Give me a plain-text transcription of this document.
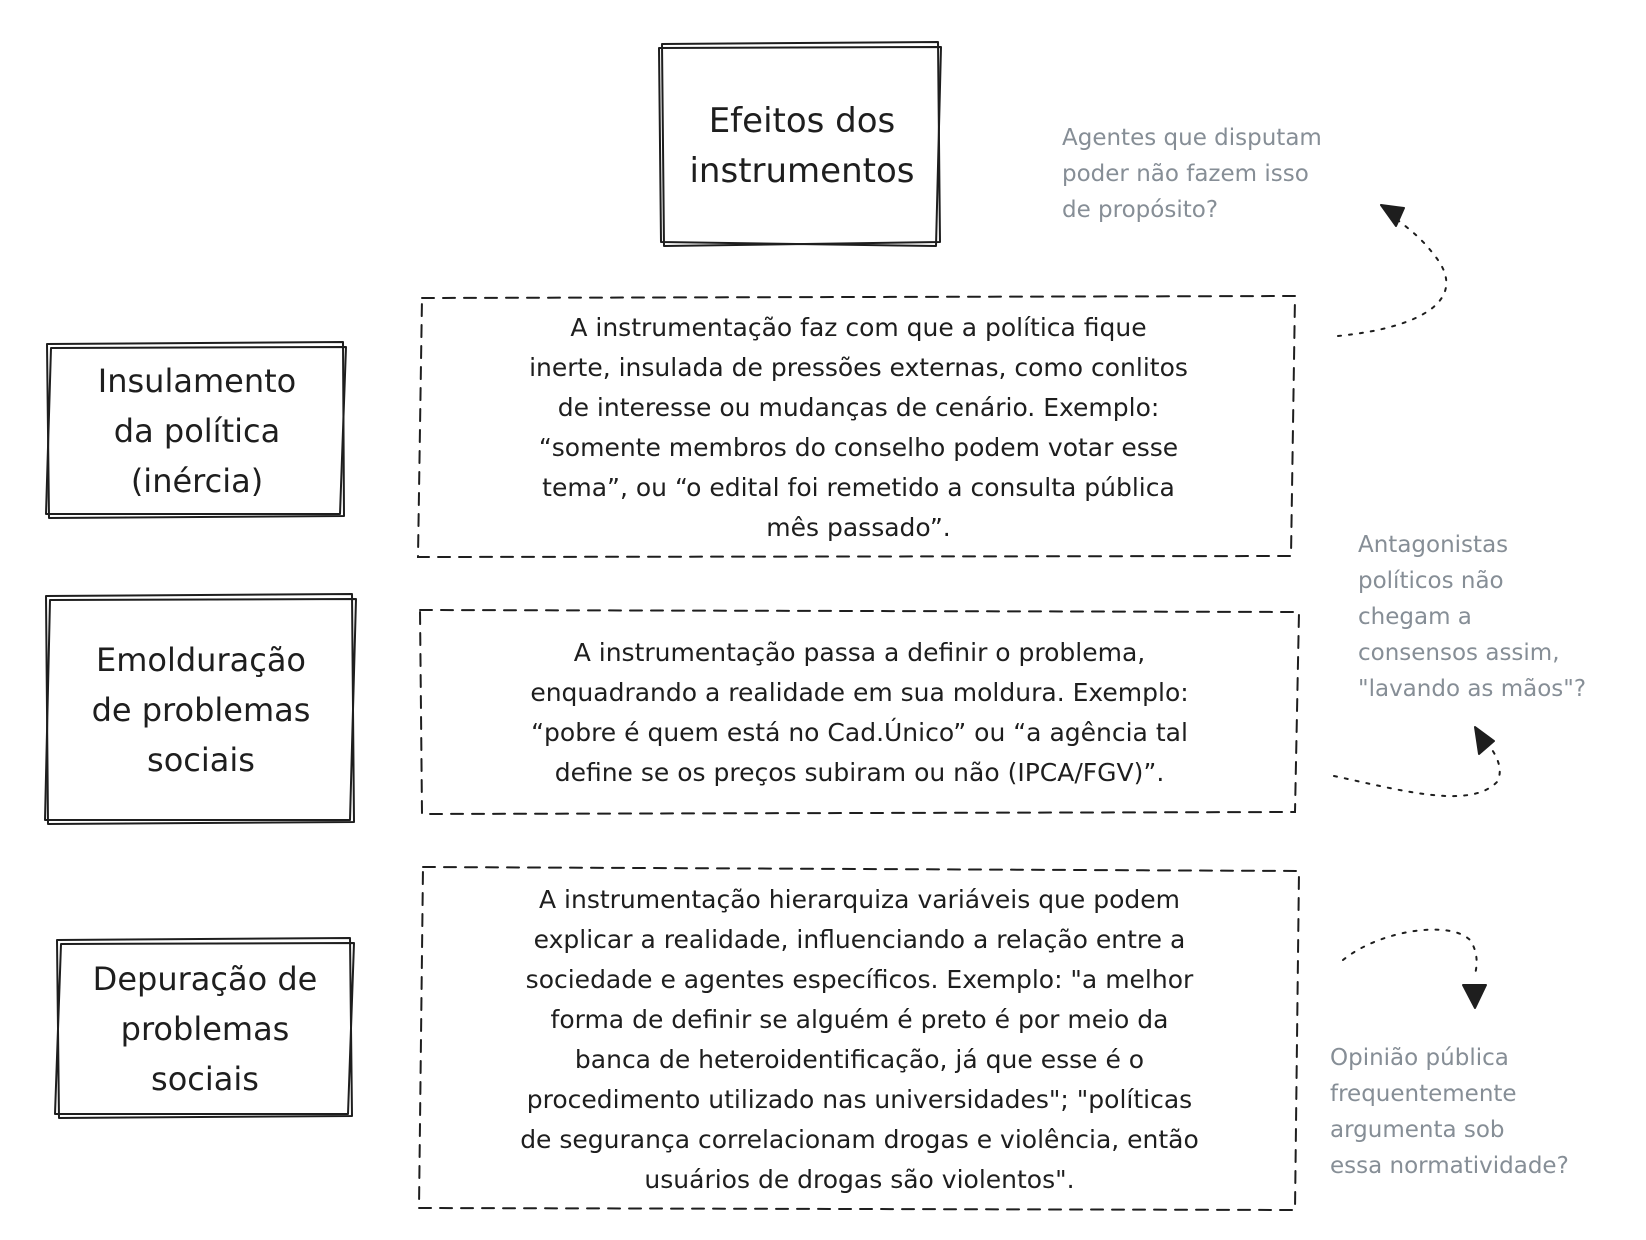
Efeitos dos
instrumentos
Insulamento
da política
(inércia)
Emolduração
de problemas
sociais
Depuração de
problemas
sociais
A instrumentação faz com que a política fique
inerte, insulada de pressões externas, como conlitos
de interesse ou mudanças de cenário. Exemplo:
“somente membros do conselho podem votar esse
tema”, ou “o edital foi remetido a consulta pública
mês passado”.
A instrumentação passa a definir o problema,
enquadrando a realidade em sua moldura. Exemplo:
“pobre é quem está no Cad.Único” ou “a agência tal
define se os preços subiram ou não (IPCA/FGV)”.
A instrumentação hierarquiza variáveis que podem
explicar a realidade, influenciando a relação entre a
sociedade e agentes específicos. Exemplo: "a melhor
forma de definir se alguém é preto é por meio da
banca de heteroidentificação, já que esse é o
procedimento utilizado nas universidades"; "políticas
de segurança correlacionam drogas e violência, então
usuários de drogas são violentos".
Agentes que disputam
poder não fazem isso
de propósito?
Antagonistas
políticos não
chegam a
consensos assim,
"lavando as mãos"?
Opinião pública
frequentemente
argumenta sob
essa normatividade?
